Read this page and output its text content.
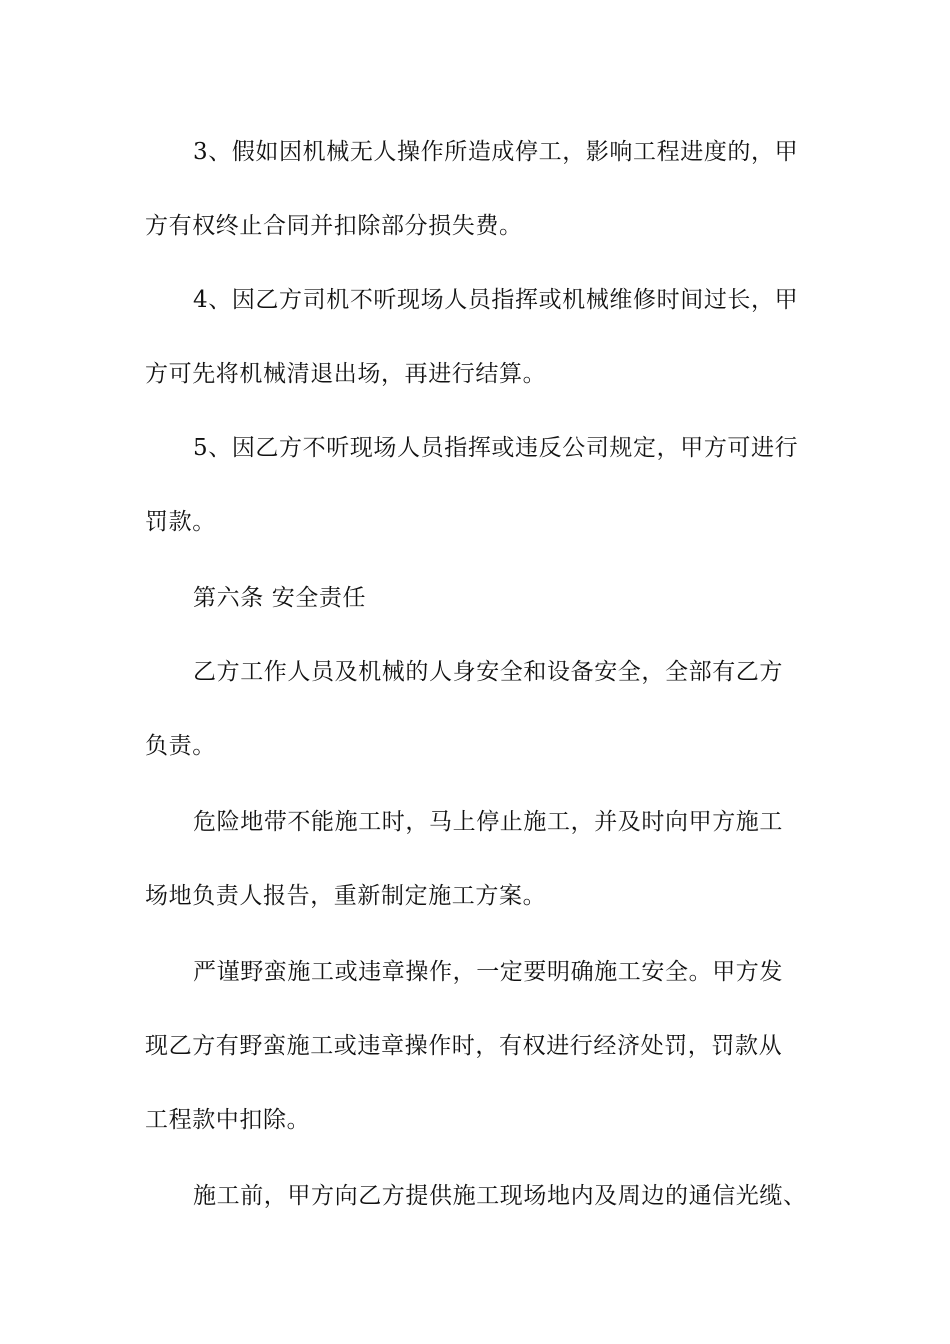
3、假如因机械无人操作所造成停工，影响工程进度的，甲
方有权终止合同并扣除部分损失费。
4、因乙方司机不听现场人员指挥或机械维修时间过长，甲
方可先将机械清退出场，再进行结算。
5、因乙方不听现场人员指挥或违反公司规定，甲方可进行
罚款。
第六条 安全责任
乙方工作人员及机械的人身安全和设备安全，全部有乙方
负责。
危险地带不能施工时，马上停止施工，并及时向甲方施工
场地负责人报告，重新制定施工方案。
严谨野蛮施工或违章操作，一定要明确施工安全。甲方发
现乙方有野蛮施工或违章操作时，有权进行经济处罚，罚款从
工程款中扣除。
施工前，甲方向乙方提供施工现场地内及周边的通信光缆、
